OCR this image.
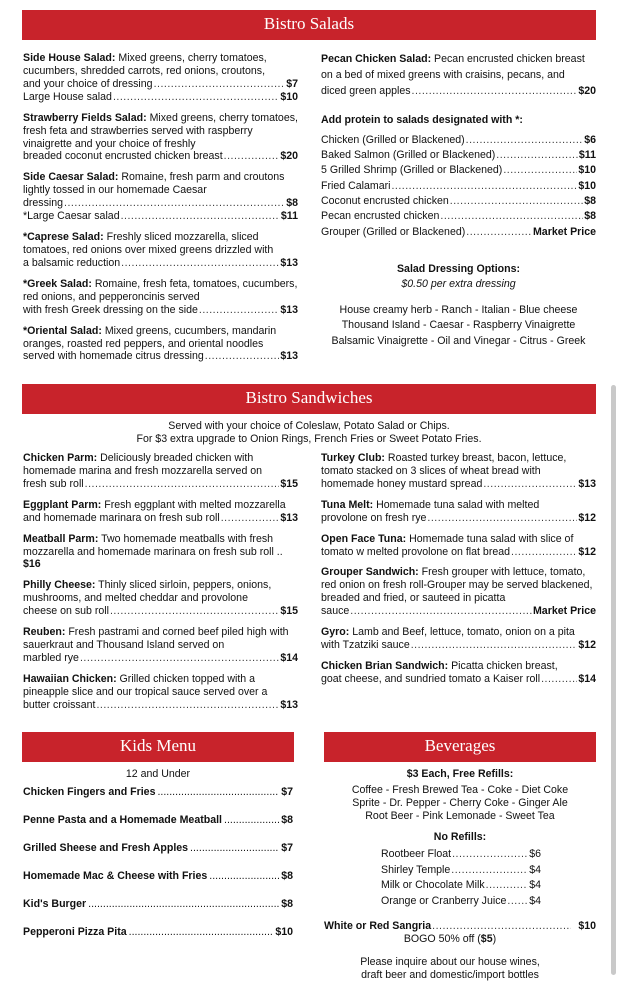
Bistro Salads
Side House Salad: Mixed greens, cherry tomatoes, cucumbers, shredded carrots, red onions, croutons,
and your choice of dressing .....	$7
Large House salad .....	$10
Strawberry Fields Salad: Mixed greens, cherry tomatoes, fresh feta and strawberries served with raspberry vinaigrette and your choice of freshly
breaded coconut encrusted chicken breast .....	$20
Side Caesar Salad: Romaine, fresh parm and croutons lightly tossed in our homemade Caesar
dressing .....	$8
*Large Caesar salad .....	$11
*Caprese Salad: Freshly sliced mozzarella, sliced tomatoes, red onions over mixed greens drizzled with
a balsamic reduction .....	$13
*Greek Salad: Romaine, fresh feta, tomatoes, cucumbers, red onions, and pepperoncinis served
with fresh Greek dressing on the side .....	$13
*Oriental Salad: Mixed greens, cucumbers, mandarin oranges, roasted red peppers, and oriental noodles
served with homemade citrus dressing .....	$13
Pecan Chicken Salad: Pecan encrusted chicken breast on a bed of mixed greens with craisins, pecans, and
diced green apples .....	$20
Add protein to salads designated with *:
Chicken (Grilled or Blackened) .....	$6
Baked Salmon (Grilled or Blackened) .....	$11
5 Grilled Shrimp (Grilled or Blackened) .....	$10
Fried Calamari .....	$10
Coconut encrusted chicken .....	$8
Pecan encrusted chicken .....	$8
Grouper (Grilled or Blackened) .....	Market Price
Salad Dressing Options:
$0.50 per extra dressing
House creamy herb - Ranch - Italian - Blue cheese
Thousand Island - Caesar - Raspberry Vinaigrette
Balsamic Vinaigrette - Oil and Vinegar - Citrus - Greek
Bistro Sandwiches
Served with your choice of Coleslaw, Potato Salad or Chips.
For $3 extra upgrade to Onion Rings, French Fries or Sweet Potato Fries.
Chicken Parm: Deliciously breaded chicken with homemade marina and fresh mozzarella served on
fresh sub roll .....	$15
Eggplant Parm: Fresh eggplant with melted mozzarella
and homemade marinara on fresh sub roll .....	$13
Meatball Parm: Two homemade meatballs with fresh mozzarella and homemade marinara on fresh sub roll ..
$16
Philly Cheese: Thinly sliced sirloin, peppers, onions, mushrooms, and melted cheddar and provolone
cheese on sub roll .....	$15
Reuben: Fresh pastrami and corned beef piled high with sauerkraut and Thousand Island served on
marbled rye .....	$14
Hawaiian Chicken: Grilled chicken topped with a pineapple slice and our tropical sauce served over a
butter croissant .....	$13
Turkey Club: Roasted turkey breast, bacon, lettuce, tomato stacked on 3 slices of wheat bread with
homemade honey mustard spread .....	$13
Tuna Melt: Homemade tuna salad with melted
provolone on fresh rye .....	$12
Open Face Tuna: Homemade tuna salad with slice of
tomato w melted provolone on flat bread .....	$12
Grouper Sandwich: Fresh grouper with lettuce, tomato, red onion on fresh roll-Grouper may be served blackened, breaded and fried, or sauteed in picatta
sauce .....	Market Price
Gyro: Lamb and Beef, lettuce, tomato, onion on a pita
with Tzatziki sauce .....	$12
Chicken Brian Sandwich: Picatta chicken breast,
goat cheese, and sundried tomato a Kaiser roll .....	$14
Kids Menu
12 and Under
Chicken Fingers and Fries .....	$7
Penne Pasta and a Homemade Meatball .....	$8
Grilled Sheese and Fresh Apples .....	$7
Homemade Mac & Cheese with Fries .....	$8
Kid's Burger .....	$8
Pepperoni Pizza Pita .....	$10
Beverages
$3 Each, Free Refills:
Coffee - Fresh Brewed Tea - Coke - Diet Coke
Sprite - Dr. Pepper - Cherry Coke - Ginger Ale
Root Beer - Pink Lemonade - Sweet Tea
No Refills:
Rootbeer Float .....	$6
Shirley Temple .....	$4
Milk or Chocolate Milk .....	$4
Orange or Cranberry Juice ..... $4
White or Red Sangria .....	$10
BOGO 50% off ($5)
Please inquire about our house wines,
draft beer and domestic/import bottles
